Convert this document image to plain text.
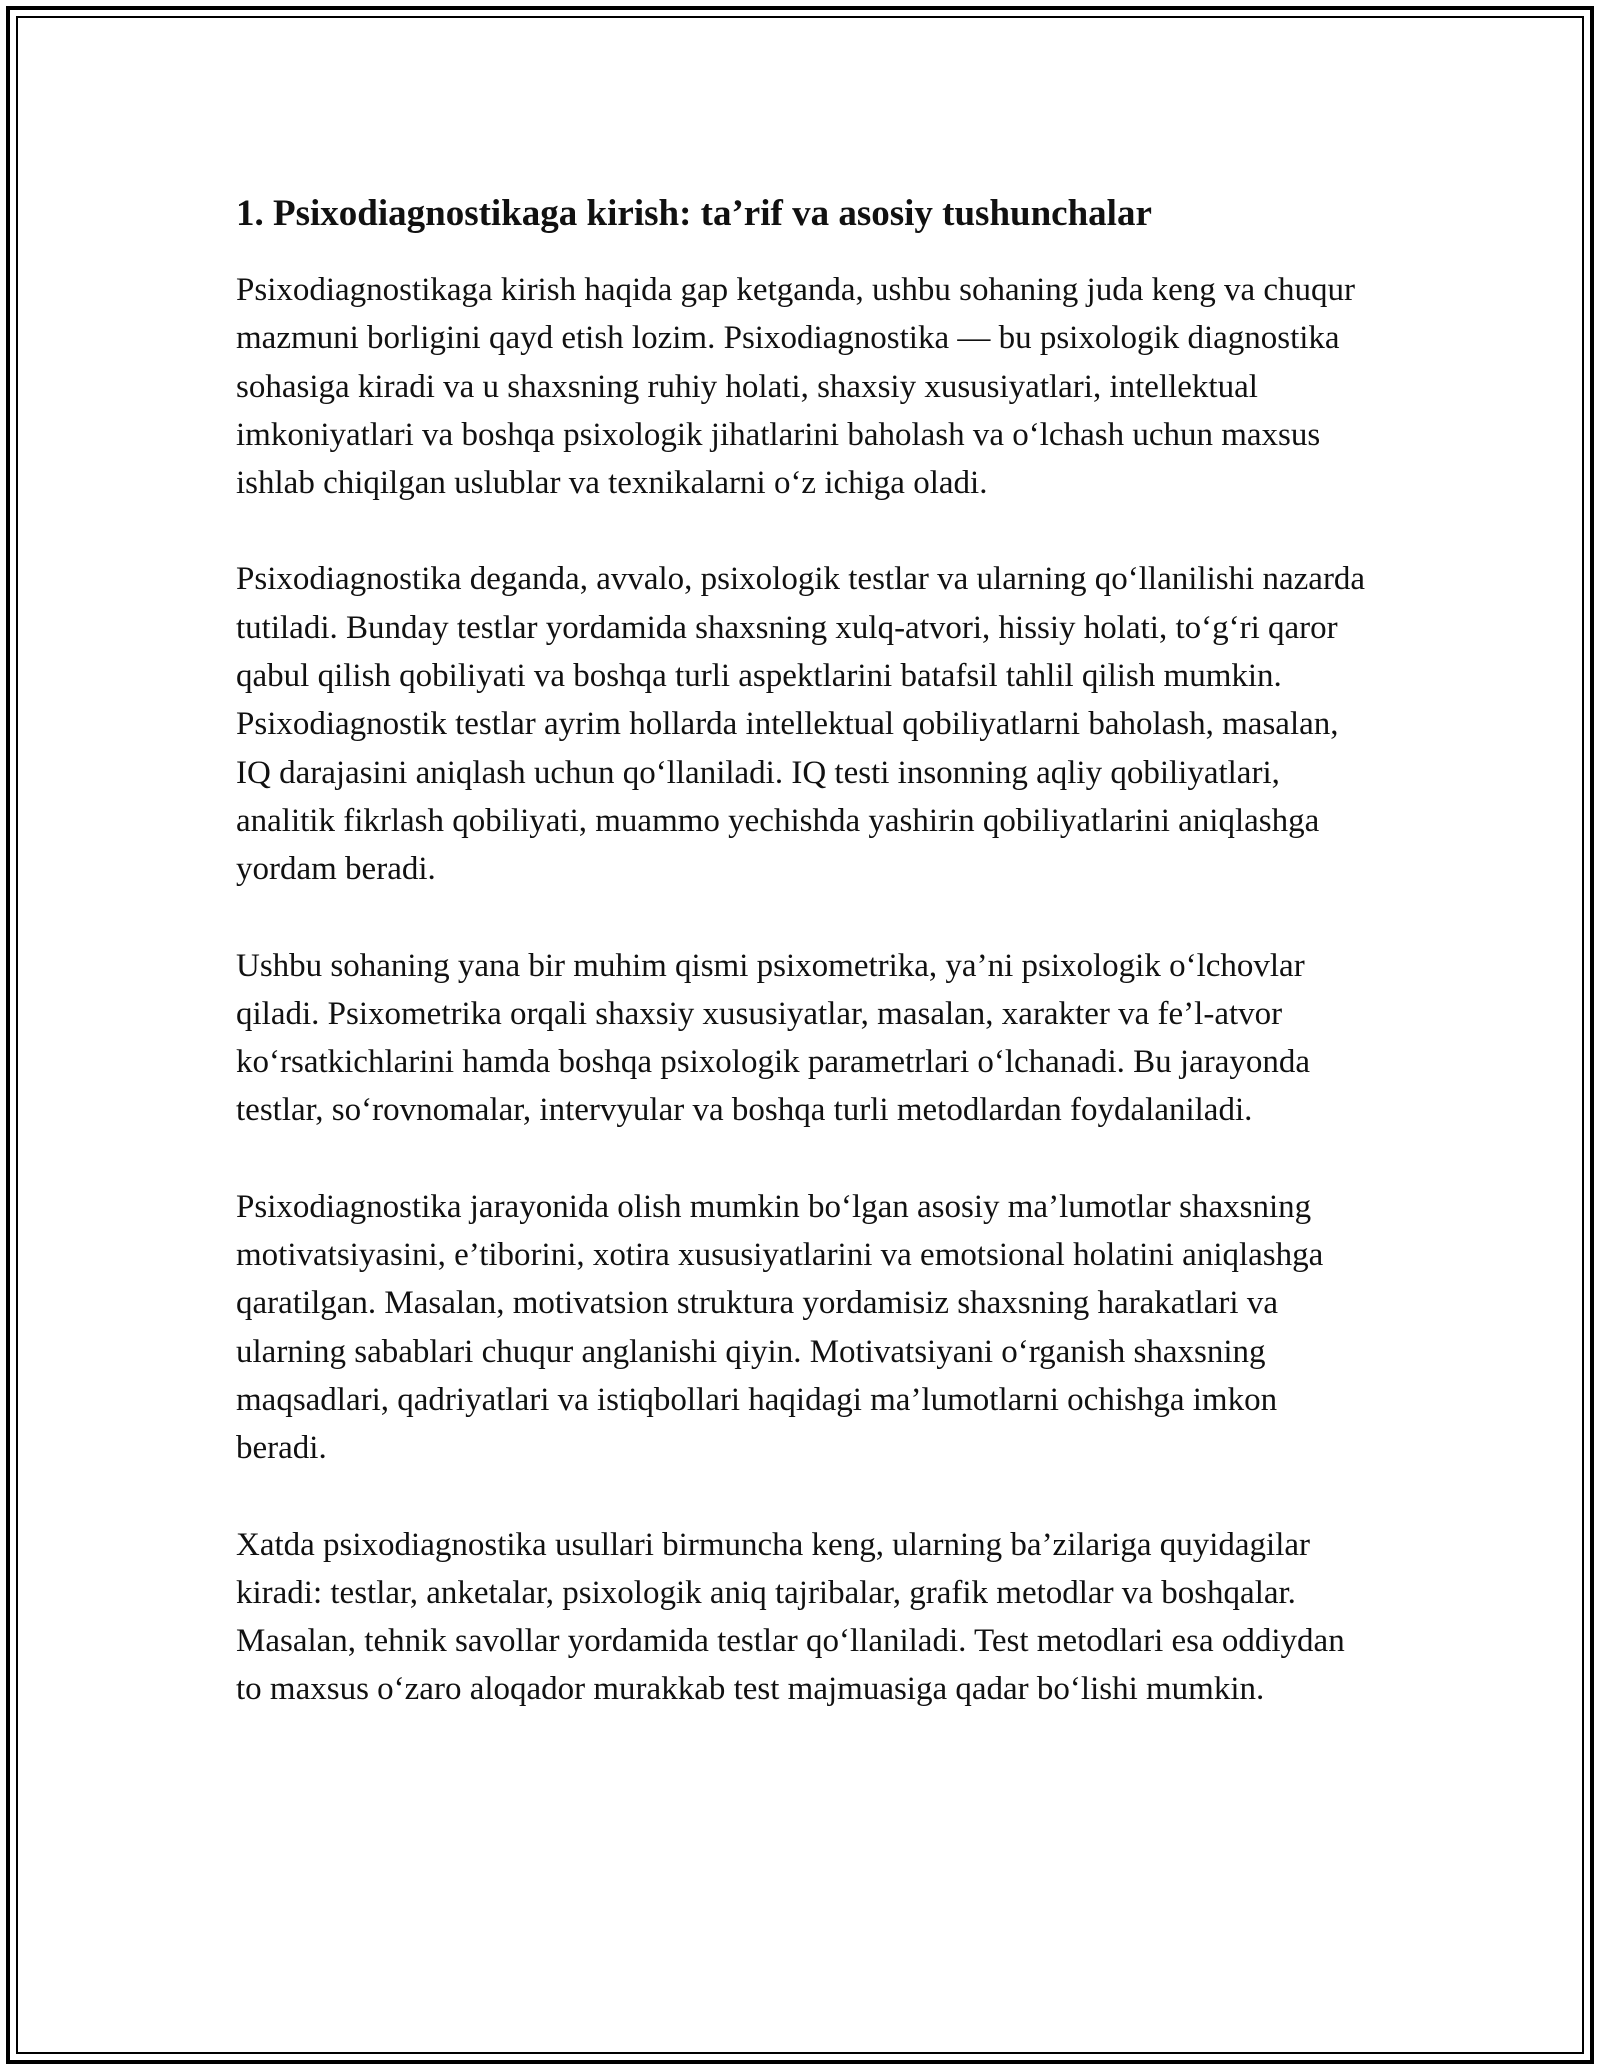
1. Psixodiagnostikaga kirish: ta’rif va asosiy tushunchalar

Psixodiagnostikaga kirish haqida gap ketganda, ushbu sohaning juda keng va chuqur mazmuni borligini qayd etish lozim. Psixodiagnostika — bu psixologik diagnostika sohasiga kiradi va u shaxsning ruhiy holati, shaxsiy xususiyatlari, intellektual imkoniyatlari va boshqa psixologik jihatlarini baholash va o‘lchash uchun maxsus ishlab chiqilgan uslublar va texnikalarni o‘z ichiga oladi.

Psixodiagnostika deganda, avvalo, psixologik testlar va ularning qo‘llanilishi nazarda tutiladi. Bunday testlar yordamida shaxsning xulq-atvori, hissiy holati, to‘g‘ri qaror qabul qilish qobiliyati va boshqa turli aspektlarini batafsil tahlil qilish mumkin. Psixodiagnostik testlar ayrim hollarda intellektual qobiliyatlarni baholash, masalan, IQ darajasini aniqlash uchun qo‘llaniladi. IQ testi insonning aqliy qobiliyatlari, analitik fikrlash qobiliyati, muammo yechishda yashirin qobiliyatlarini aniqlashga yordam beradi.

Ushbu sohaning yana bir muhim qismi psixometrika, ya’ni psixologik o‘lchovlar qiladi. Psixometrika orqali shaxsiy xususiyatlar, masalan, xarakter va fe’l-atvor ko‘rsatkichlarini hamda boshqa psixologik parametrlari o‘lchanadi. Bu jarayonda testlar, so‘rovnomalar, intervyular va boshqa turli metodlardan foydalaniladi.

Psixodiagnostika jarayonida olish mumkin bo‘lgan asosiy ma’lumotlar shaxsning motivatsiyasini, e’tiborini, xotira xususiyatlarini va emotsional holatini aniqlashga qaratilgan. Masalan, motivatsion struktura yordamisiz shaxsning harakatlari va ularning sabablari chuqur anglanishi qiyin. Motivatsiyani o‘rganish shaxsning maqsadlari, qadriyatlari va istiqbollari haqidagi ma’lumotlarni ochishga imkon beradi.

Xatda psixodiagnostika usullari birmuncha keng, ularning ba’zilariga quyidagilar kiradi: testlar, anketalar, psixologik aniq tajribalar, grafik metodlar va boshqalar. Masalan, tehnik savollar yordamida testlar qo‘llaniladi. Test metodlari esa oddiydan to maxsus o‘zaro aloqador murakkab test majmuasiga qadar bo‘lishi mumkin.
